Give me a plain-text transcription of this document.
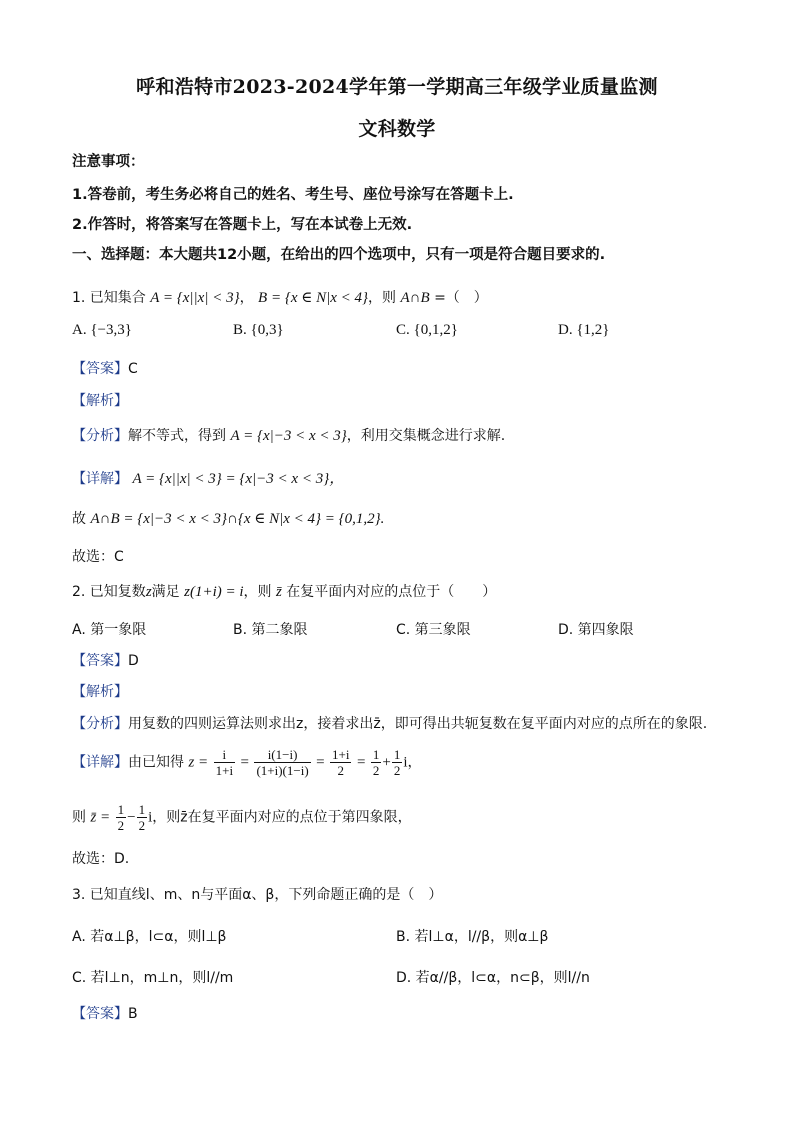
呼和浩特市2023-2024学年第一学期高三年级学业质量监测
文科数学
注意事项：
1.答卷前，考生务必将自己的姓名、考生号、座位号涂写在答题卡上.
2.作答时，将答案写在答题卡上，写在本试卷上无效.
一、选择题：本大题共12小题，在给出的四个选项中，只有一项是符合题目要求的.
1. 已知集合 A = {x||x| < 3}， B = {x ∈ N|x < 4}，则 A∩B =（　）
A. {−3,3}	B. {0,3}	C. {0,1,2}	D. {1,2}
【答案】C
【解析】
【分析】解不等式，得到 A = {x|−3 < x < 3}，利用交集概念进行求解.
【详解】 A = {x||x| < 3} = {x|−3 < x < 3}，
故 A∩B = {x|−3 < x < 3}∩{x ∈ N|x < 4} = {0,1,2}.
故选：C
2. 已知复数z满足 z(1+i) = i，则 z̄ 在复平面内对应的点位于（　　）
A. 第一象限	B. 第二象限	C. 第三象限	D. 第四象限
【答案】D
【解析】
【分析】用复数的四则运算法则求出z，接着求出z̄，即可得出共轭复数在复平面内对应的点所在的象限.
【详解】由已知得 $z = \frac{i}{1+i} = \frac{i(1-i)}{(1+i)(1-i)} = \frac{1+i}{2} = \frac{1}{2} + \frac{1}{2}$ i，
则 z̄ = $\frac{1}{2} - \frac{1}{2}$ i，则z̄在复平面内对应的点位于第四象限，
故选：D.
3. 已知直线l、m、n与平面α、β，下列命题正确的是（　）
A. 若α⊥β，l⊂α，则l⊥β	B. 若l⊥α，l//β，则α⊥β
C. 若l⊥n，m⊥n，则l//m	D. 若α//β，l⊂α，n⊂β，则l//n
【答案】B
